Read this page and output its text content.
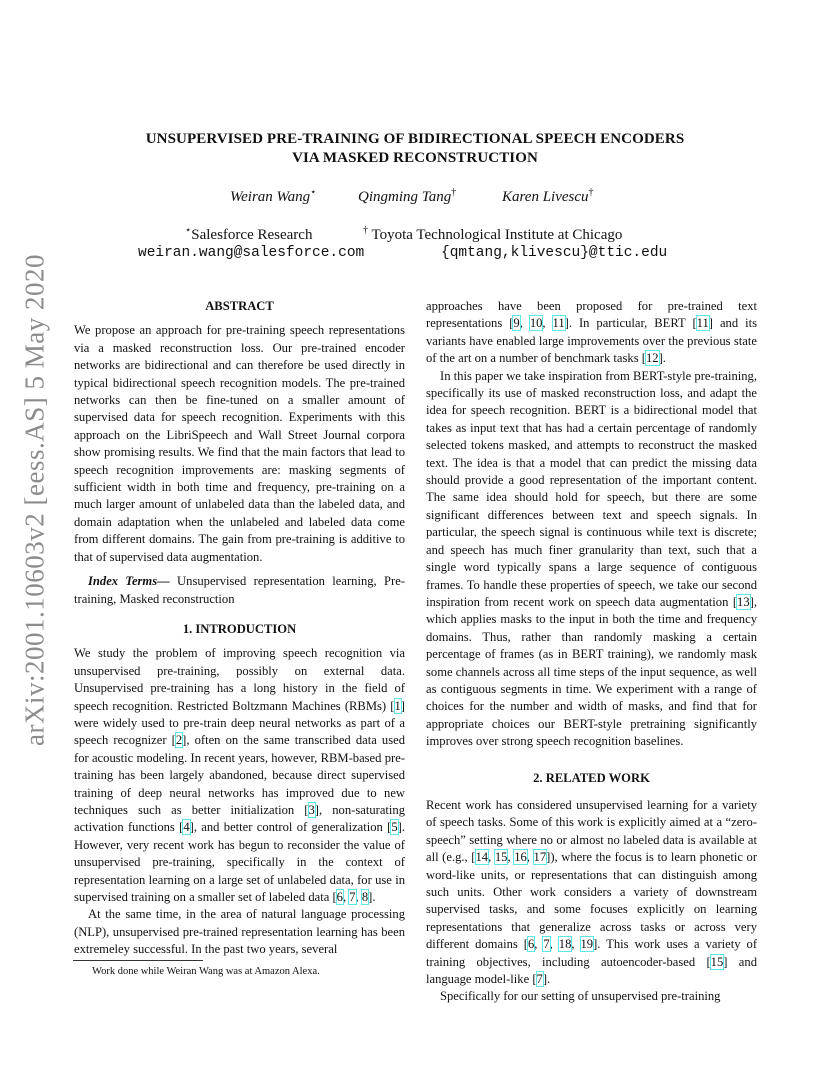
arXiv:2001.10603v2 [eess.AS] 5 May 2020
UNSUPERVISED PRE-TRAINING OF BIDIRECTIONAL SPEECH ENCODERS
VIA MASKED RECONSTRUCTION
Weiran Wang⋆	Qingming Tang†	Karen Livescu†
⋆Salesforce Research	† Toyota Technological Institute at Chicago
weiran.wang@salesforce.com	{qmtang,klivescu}@ttic.edu

ABSTRACT

We propose an approach for pre-training speech representations via a masked reconstruction loss. Our pre-trained encoder networks are bidirectional and can therefore be used directly in typical bidirectional speech recognition models. The pre-trained networks can then be fine-tuned on a smaller amount of supervised data for speech recognition. Experiments with this approach on the LibriSpeech and Wall Street Journal corpora show promising results. We find that the main factors that lead to speech recognition improvements are: masking segments of sufficient width in both time and frequency, pre-training on a much larger amount of unlabeled data than the labeled data, and domain adaptation when the unlabeled and labeled data come from different domains. The gain from pre-training is additive to that of supervised data augmentation.

Index Terms— Unsupervised representation learning, Pre-training, Masked reconstruction

1. INTRODUCTION

We study the problem of improving speech recognition via unsupervised pre-training, possibly on external data. Unsupervised pre-training has a long history in the field of speech recognition. Restricted Boltzmann Machines (RBMs) [1] were widely used to pre-train deep neural networks as part of a speech recognizer [2], often on the same transcribed data used for acoustic modeling. In recent years, however, RBM-based pre-training has been largely abandoned, because direct supervised training of deep neural networks has improved due to new techniques such as better initialization [3], non-saturating activation functions [4], and better control of generalization [5]. However, very recent work has begun to reconsider the value of unsupervised pre-training, specifically in the context of representation learning on a large set of unlabeled data, for use in supervised training on a smaller set of labeled data [6, 7, 8].

At the same time, in the area of natural language processing (NLP), unsupervised pre-trained representation learning has been extremeley successful. In the past two years, several

approaches have been proposed for pre-trained text representations [9, 10, 11]. In particular, BERT [11] and its variants have enabled large improvements over the previous state of the art on a number of benchmark tasks [12].

In this paper we take inspiration from BERT-style pre-training, specifically its use of masked reconstruction loss, and adapt the idea for speech recognition. BERT is a bidirectional model that takes as input text that has had a certain percentage of randomly selected tokens masked, and attempts to reconstruct the masked text. The idea is that a model that can predict the missing data should provide a good representation of the important content. The same idea should hold for speech, but there are some significant differences between text and speech signals. In particular, the speech signal is continuous while text is discrete; and speech has much finer granularity than text, such that a single word typically spans a large sequence of contiguous frames. To handle these properties of speech, we take our second inspiration from recent work on speech data augmentation [13], which applies masks to the input in both the time and frequency domains. Thus, rather than randomly masking a certain percentage of frames (as in BERT training), we randomly mask some channels across all time steps of the input sequence, as well as contiguous segments in time. We experiment with a range of choices for the number and width of masks, and find that for appropriate choices our BERT-style pretraining significantly improves over strong speech recognition baselines.

2. RELATED WORK

Recent work has considered unsupervised learning for a variety of speech tasks. Some of this work is explicitly aimed at a “zero-speech” setting where no or almost no labeled data is available at all (e.g., [14, 15, 16, 17]), where the focus is to learn phonetic or word-like units, or representations that can distinguish among such units. Other work considers a variety of downstream supervised tasks, and some focuses explicitly on learning representations that generalize across tasks or across very different domains [6, 7, 18, 19]. This work uses a variety of training objectives, including autoencoder-based [15] and language model-like [7].

Specifically for our setting of unsupervised pre-training

Work done while Weiran Wang was at Amazon Alexa.
